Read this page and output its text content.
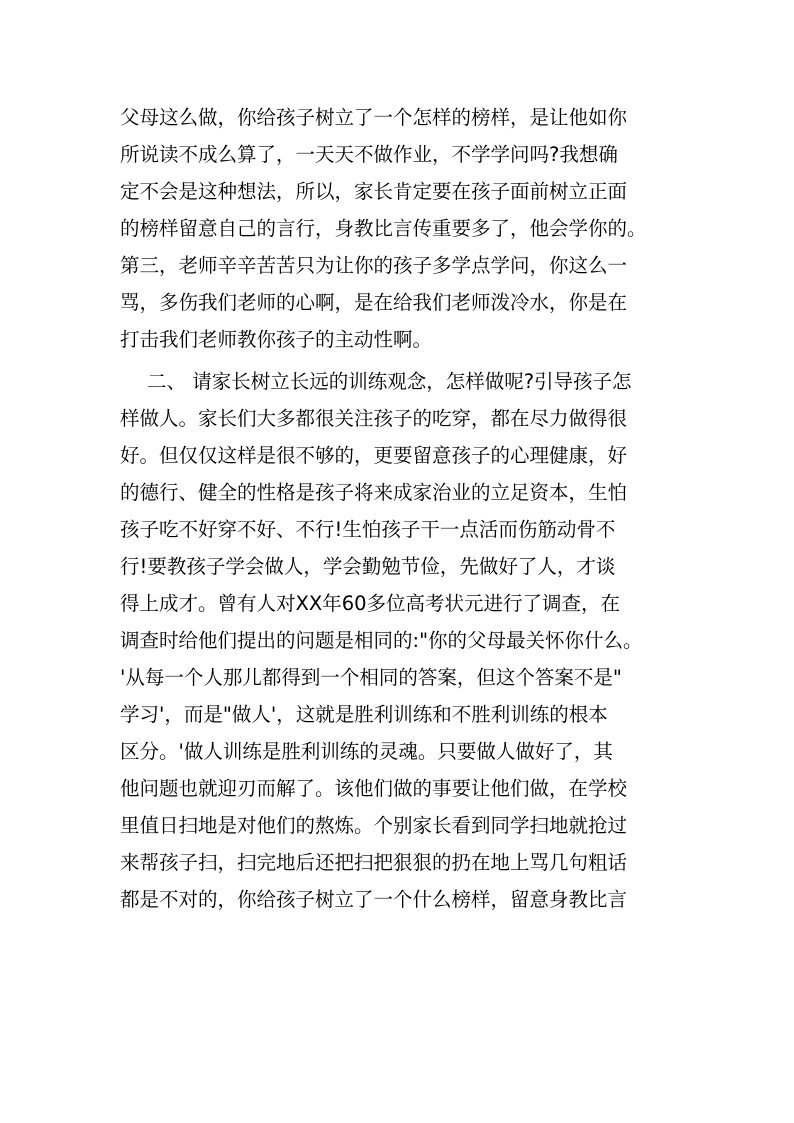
父母这么做，你给孩子树立了一个怎样的榜样，是让他如你
所说读不成么算了，一天天不做作业，不学学问吗?我想确
定不会是这种想法，所以，家长肯定要在孩子面前树立正面
的榜样留意自己的言行，身教比言传重要多了，他会学你的。
第三，老师辛辛苦苦只为让你的孩子多学点学问，你这么一
骂，多伤我们老师的心啊，是在给我们老师泼冷水，你是在
打击我们老师教你孩子的主动性啊。
二、 请家长树立长远的训练观念，怎样做呢?引导孩子怎
样做人。家长们大多都很关注孩子的吃穿，都在尽力做得很
好。但仅仅这样是很不够的，更要留意孩子的心理健康，好
的德行、健全的性格是孩子将来成家治业的立足资本，生怕
孩子吃不好穿不好、不行!生怕孩子干一点活而伤筋动骨不
行!要教孩子学会做人，学会勤勉节俭，先做好了人，才谈
得上成才。曾有人对XX年60多位高考状元进行了调查，在
调查时给他们提出的问题是相同的:"你的父母最关怀你什么。
'从每一个人那儿都得到一个相同的答案，但这个答案不是"
学习'，而是"做人'，这就是胜利训练和不胜利训练的根本
区分。'做人训练是胜利训练的灵魂。只要做人做好了，其
他问题也就迎刃而解了。该他们做的事要让他们做，在学校
里值日扫地是对他们的熬炼。个别家长看到同学扫地就抢过
来帮孩子扫，扫完地后还把扫把狠狠的扔在地上骂几句粗话
都是不对的，你给孩子树立了一个什么榜样，留意身教比言
